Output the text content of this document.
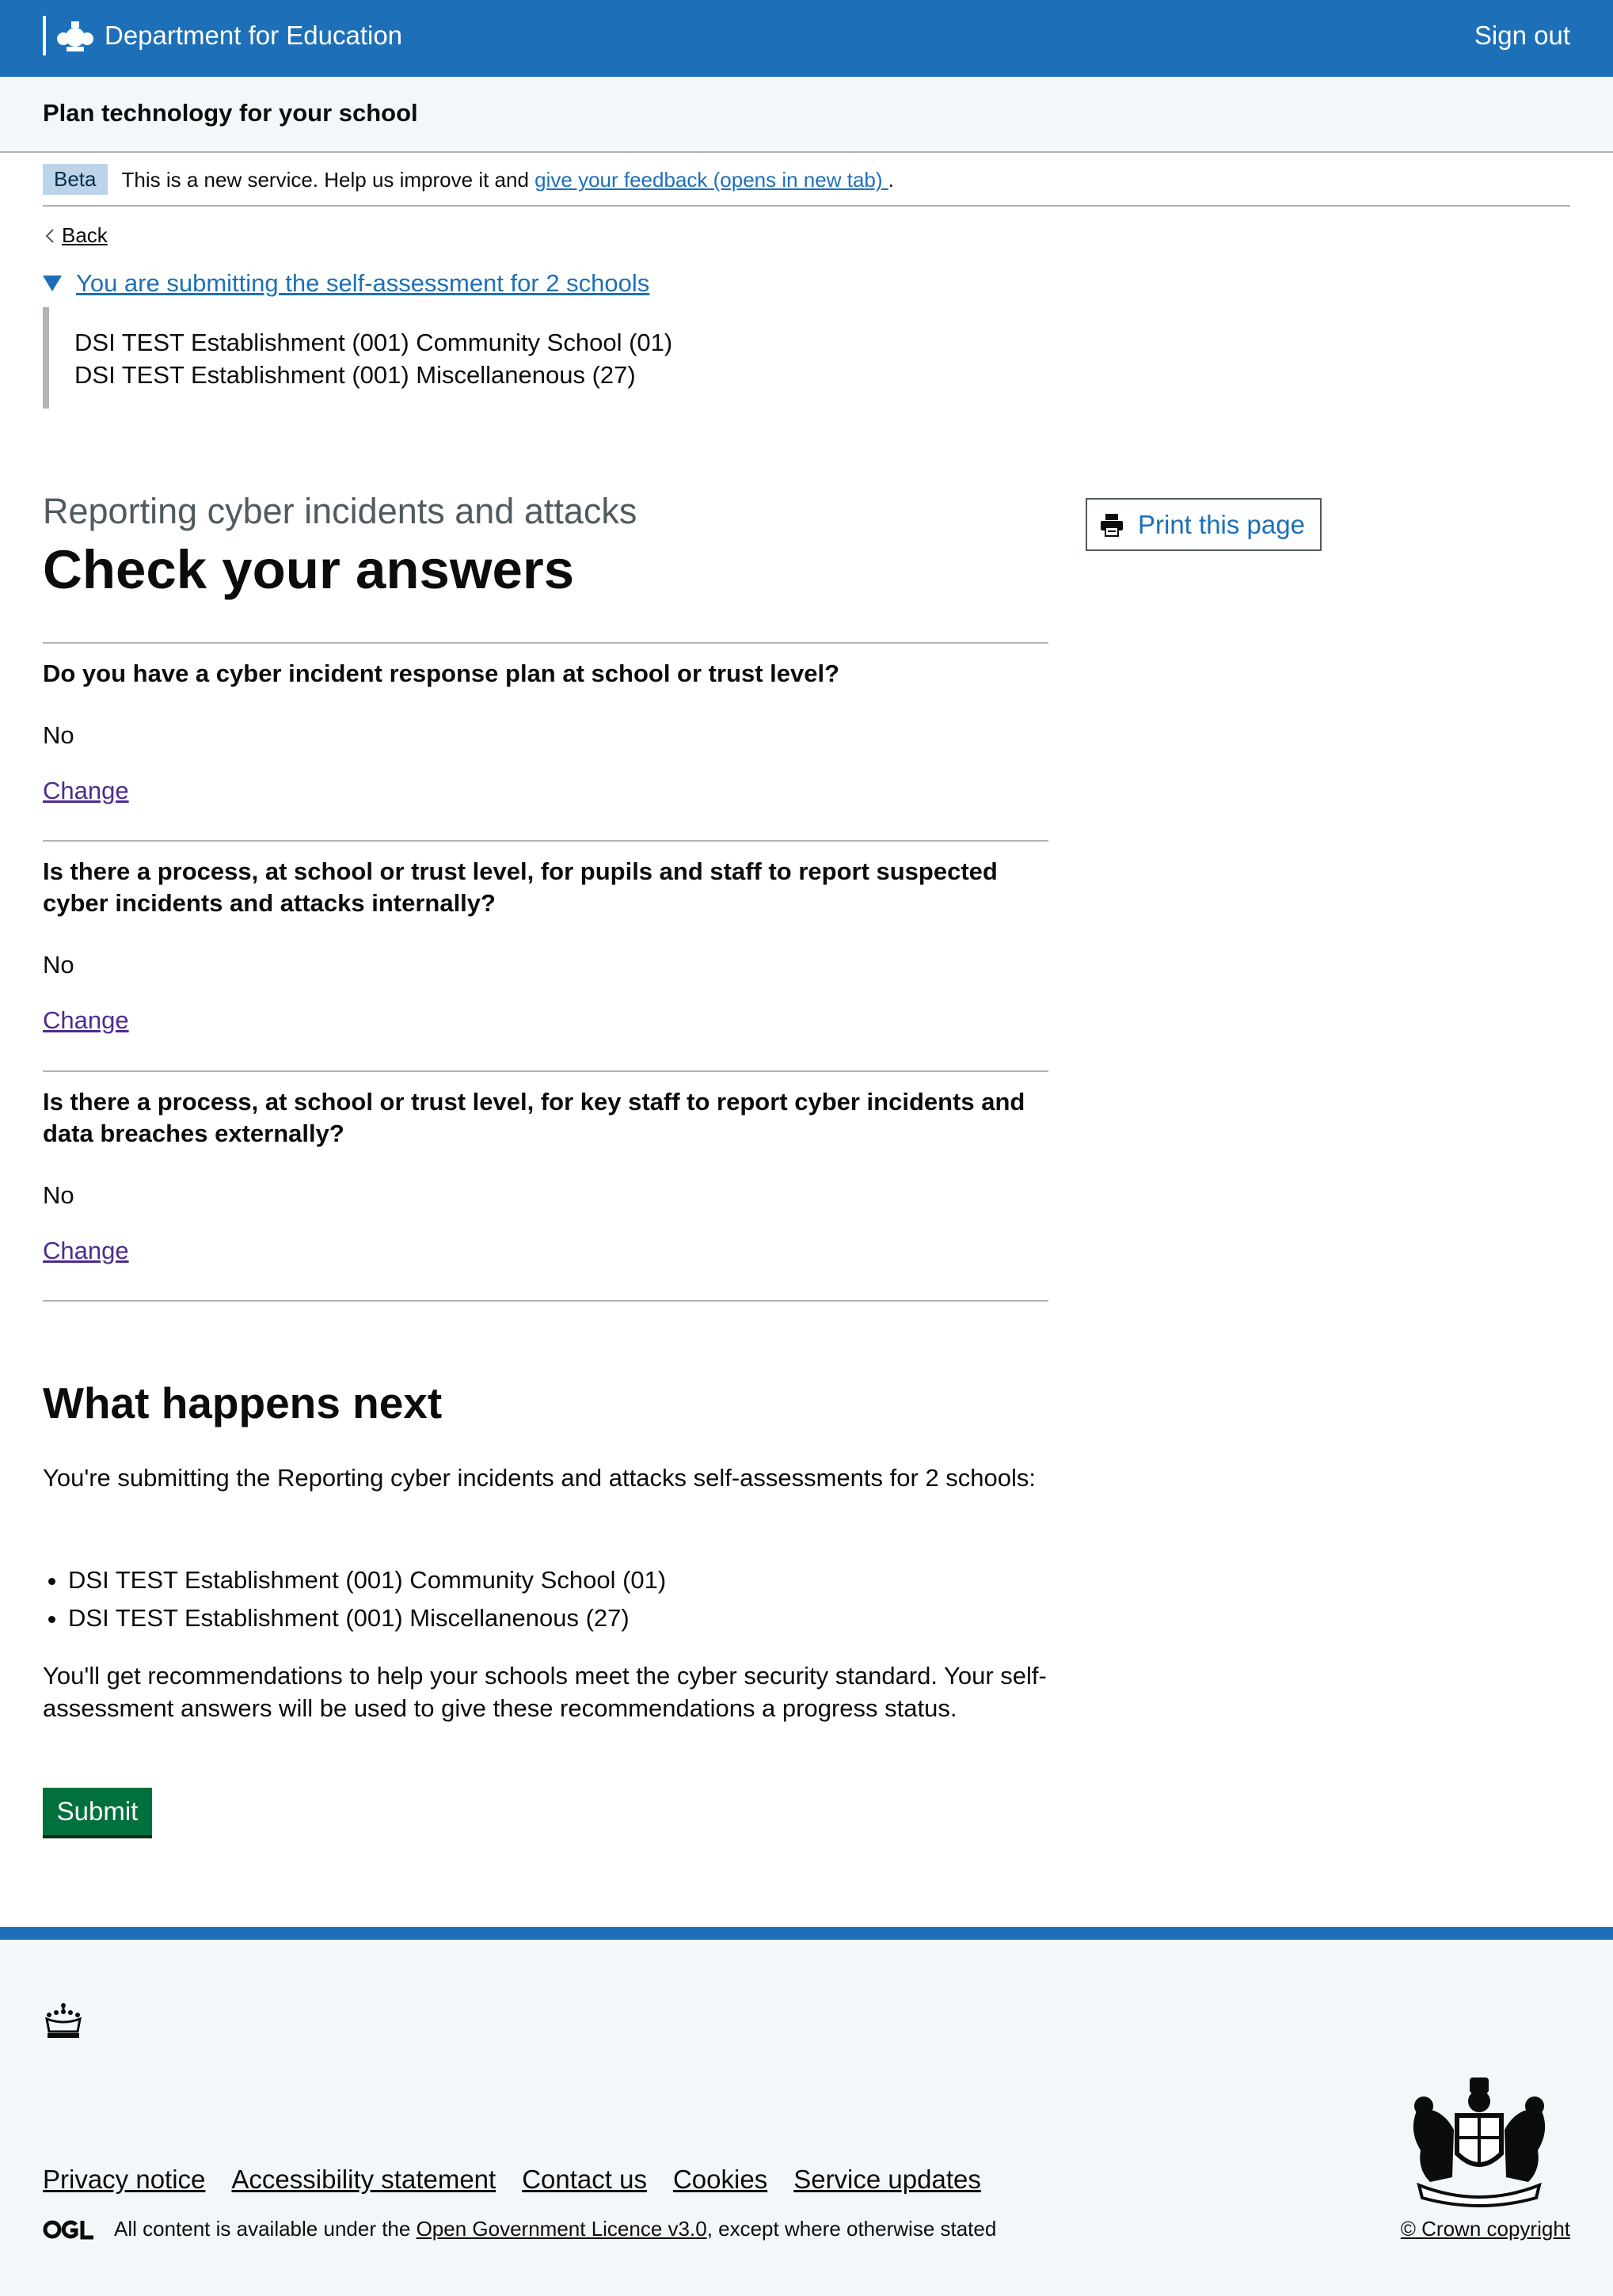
Department for Education	Sign out
Plan technology for your school
Beta	This is a new service. Help us improve it and give your feedback (opens in new tab) .
Back
You are submitting the self-assessment for 2 schools
DSI TEST Establishment (001) Community School (01)
DSI TEST Establishment (001) Miscellanenous (27)
Reporting cyber incidents and attacks
Check your answers
Print this page
Do you have a cyber incident response plan at school or trust level?
No
Change
Is there a process, at school or trust level, for pupils and staff to report suspected cyber incidents and attacks internally?
No
Change
Is there a process, at school or trust level, for key staff to report cyber incidents and data breaches externally?
No
Change
What happens next
You're submitting the Reporting cyber incidents and attacks self-assessments for 2 schools:
• DSI TEST Establishment (001) Community School (01)
• DSI TEST Establishment (001) Miscellanenous (27)
You'll get recommendations to help your schools meet the cyber security standard. Your self-assessment answers will be used to give these recommendations a progress status.
Submit
Privacy notice Accessibility statement Contact us Cookies Service updates
All content is available under the Open Government Licence v3.0, except where otherwise stated	© Crown copyright
